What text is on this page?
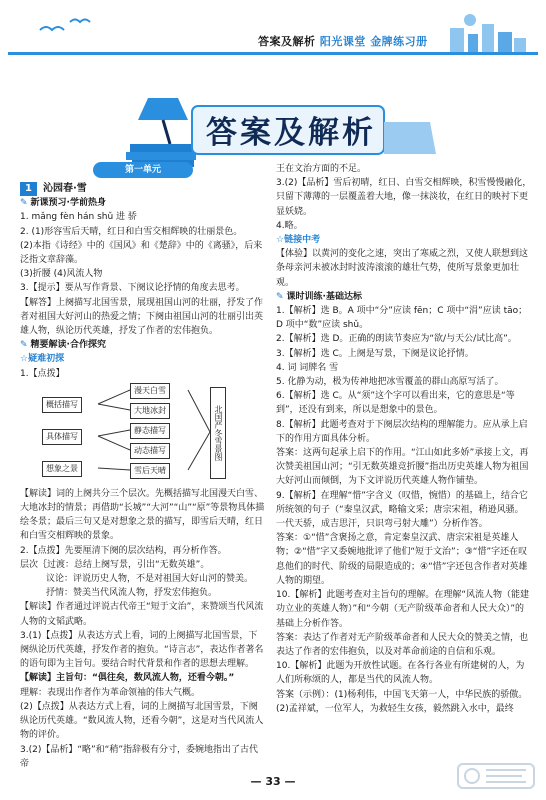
答案及解析 阳光课堂 金牌练习册
答案及解析
第一单元

1 沁园春·雪

✎ 新课预习·学前热身

1. mǎng fèn hán shǔ 进 骄

2. (1)形容雪后天晴，红日和白雪交相辉映的壮丽景色。

(2)本指《诗经》中的《国风》和《楚辞》中的《离骚》，后来泛指文章辞藻。

(3)折腰 (4)风流人物

3.【提示】要从写作背景、下阕议论抒情的角度去思考。

【解答】上阕描写北国雪景，展现祖国山河的壮丽，抒发了作者对祖国大好河山的热爱之情；下阕由祖国山河的壮丽引出英雄人物，纵论历代英雄，抒发了作者的宏伟抱负。

✎ 精要解读·合作探究

☆疑难初探

1.【点拨】

概括描写
具体描写
想象之景
漫天白雪
大地冰封
静态描写
动态描写
雪后天晴
北国严冬雪景图

【解读】词的上阕共分三个层次。先概括描写北国漫天白雪、大地冰封的情景；再借助“长城”“大河”“山”“原”等景物具体描绘冬景；最后三句又是对想象之景的描写，即雪后天晴，红日和白雪交相辉映的景象。

2.【点拨】先要厘清下阕的层次结构，再分析作答。

层次｛过渡：总结上阕写景，引出“无数英雄”。

议论：评说历史人物，不是对祖国大好山河的赞美。

抒情：赞美当代风流人物，抒发宏伟抱负。

【解读】作者通过评说古代帝王“短于文治”，来赞颂当代风流人物的文韬武略。

3.(1)【点拨】从表达方式上看，词的上阕描写北国雪景，下阕纵论历代英雄，抒发作者的抱负。“诗言志”，表达作者著名的语句即为主旨句。要结合时代背景和作者的思想去理解。

【解读】主旨句：“俱往矣，数风流人物，还看今朝。”

理解：表现出作者作为革命领袖的伟大气概。

(2)【点拨】从表达方式上看，词的上阕描写北国雪景，下阕纵论历代英雄。“数风流人物，还看今朝”，这是对当代风流人物的评价。

3.(2)【品析】“略”和“稍”指辞极有分寸，委婉地指出了古代帝

王在文治方面的不足。

3.(2)【品析】雪后初晴，红日、白雪交相辉映，积雪慢慢融化，只留下薄薄的一层覆盖着大地，像一抹淡妆，在红日的映衬下更显妖娆。

4.略。

☆链接中考

【体验】以黄河的变化之速，突出了寒威之烈，又使人联想到这条母亲河未被冰封时波涛滚滚的雄壮气势，使所写景象更加壮观。

✎ 课时训练·基础达标

1.【解析】选 B。A 项中“分”应读 fēn；C 项中“涓”应读 tāo；D 项中“数”应读 shǔ。

2.【解析】选 D。正确的朗读节奏应为“欲/与天公/试比高”。

3.【解析】选 C。上阕是写景，下阕是议论抒情。

4. 词 词牌名 雪

5. 化静为动，极为传神地把冰雪覆盖的群山高原写活了。

6.【解析】选 C。从“须”这个字可以看出来，它的意思是“等到”，还没有到来，所以是想象中的景色。

8.【解析】此题考查对于下阕层次结构的理解能力。应从承上启下的作用方面具体分析。

答案：这两句起承上启下的作用。“江山如此多娇”承接上文，再次赞美祖国山河；“引无数英雄竞折腰”指出历史英雄人物为祖国大好河山而倾倒，为下文评说历代英雄人物作铺垫。

9.【解析】在理解“惜”字含义（叹惜，惋惜）的基础上，结合它所统领的句子（“秦皇汉武，略输文采；唐宗宋祖，稍逊风骚。一代天骄，成吉思汗，只识弯弓射大雕”）分析作答。

答案：①“惜”含褒扬之意，肯定秦皇汉武、唐宗宋祖是英雄人物；②“惜”字又委婉地批评了他们“短于文治”；③“惜”字还在叹息他们的时代、阶级的局限造成的；④“惜”字还包含作者对英雄人物的期望。

10.【解析】此题考查对主旨句的理解。在理解“风流人物（能建功立业的英雄人物）”和“今朝（无产阶级革命者和人民大众）”的基础上分析作答。

答案：表达了作者对无产阶级革命者和人民大众的赞美之情，也表达了作者的宏伟抱负，以及对革命前途的自信和乐观。

10.【解析】此题为开放性试题。在各行各业有所建树的人，为人们所称颂的人，都是当代的风流人物。

答案（示例）：(1)杨利伟，中国飞天第一人，中华民族的骄傲。

(2)孟祥斌，一位军人，为救轻生女孩，毅然跳入水中，最终

— 33 —
